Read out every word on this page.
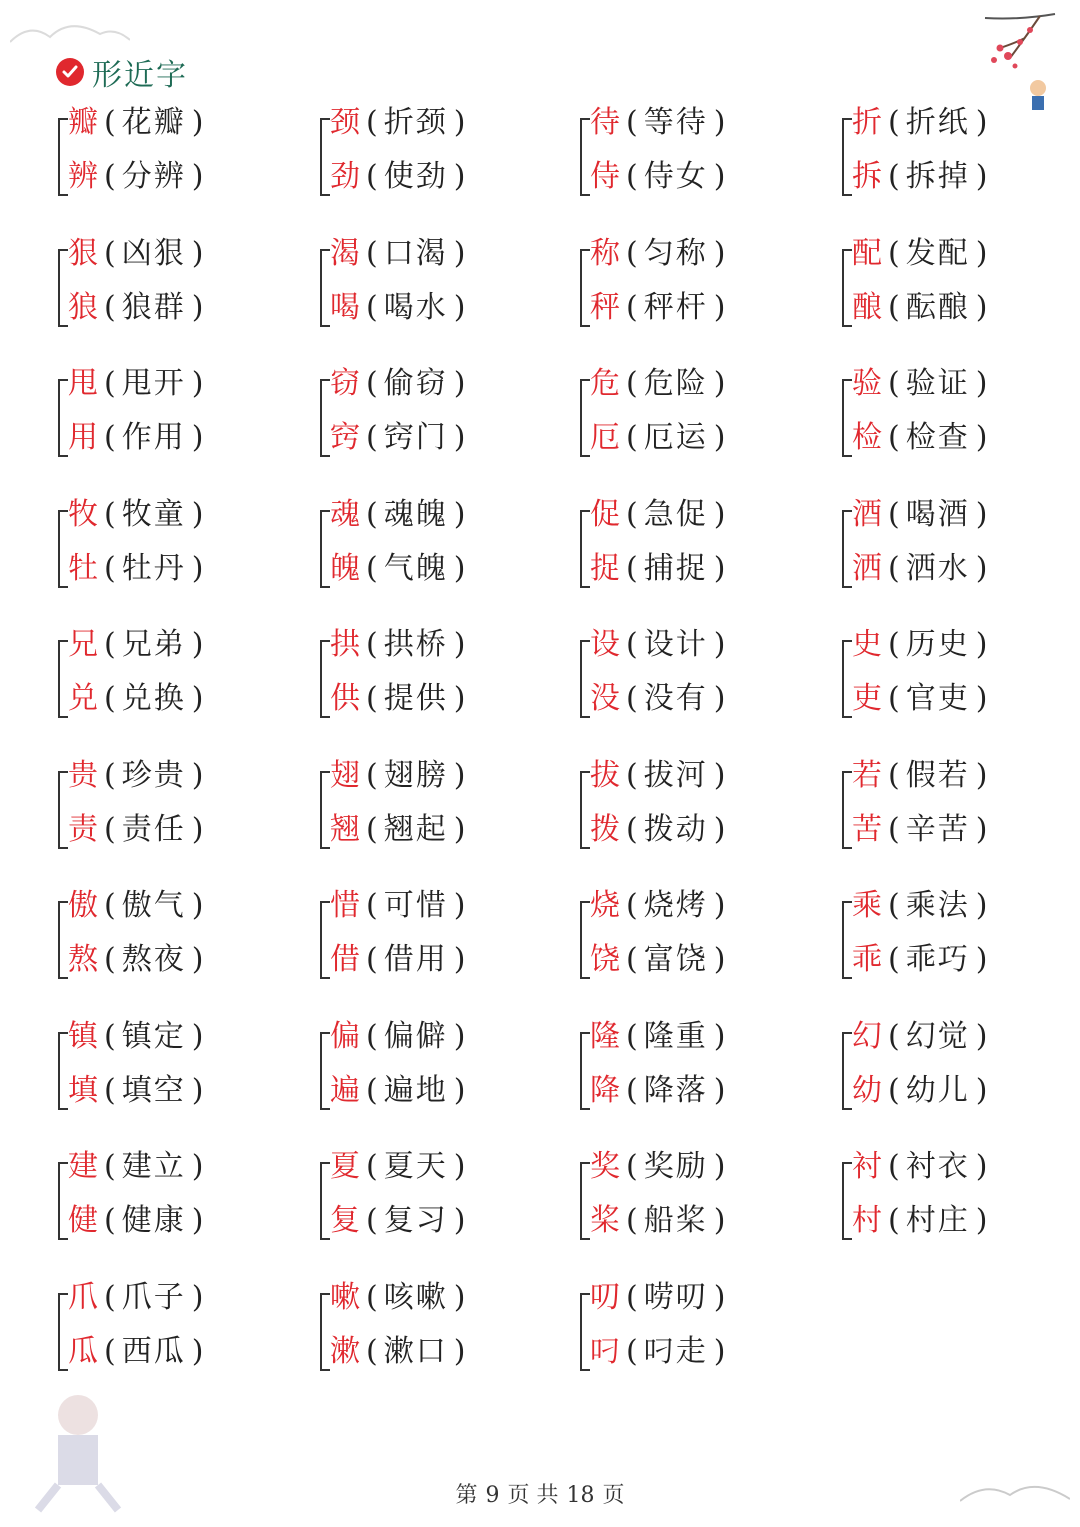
形近字
瓣 ( 花瓣 )
辨 ( 分辨 )
颈 ( 折颈 )
劲 ( 使劲 )
待 ( 等待 )
侍 ( 侍女 )
折 ( 折纸 )
拆 ( 拆掉 )
狠 ( 凶狠 )
狼 ( 狼群 )
渴 ( 口渴 )
喝 ( 喝水 )
称 ( 匀称 )
秤 ( 秤杆 )
配 ( 发配 )
酿 ( 酝酿 )
甩 ( 甩开 )
用 ( 作用 )
窃 ( 偷窃 )
窍 ( 窍门 )
危 ( 危险 )
厄 ( 厄运 )
验 ( 验证 )
检 ( 检查 )
牧 ( 牧童 )
牡 ( 牡丹 )
魂 ( 魂魄 )
魄 ( 气魄 )
促 ( 急促 )
捉 ( 捕捉 )
酒 ( 喝酒 )
洒 ( 洒水 )
兄 ( 兄弟 )
兑 ( 兑换 )
拱 ( 拱桥 )
供 ( 提供 )
设 ( 设计 )
没 ( 没有 )
史 ( 历史 )
吏 ( 官吏 )
贵 ( 珍贵 )
责 ( 责任 )
翅 ( 翅膀 )
翘 ( 翘起 )
拔 ( 拔河 )
拨 ( 拨动 )
若 ( 假若 )
苦 ( 辛苦 )
傲 ( 傲气 )
熬 ( 熬夜 )
惜 ( 可惜 )
借 ( 借用 )
烧 ( 烧烤 )
饶 ( 富饶 )
乘 ( 乘法 )
乖 ( 乖巧 )
镇 ( 镇定 )
填 ( 填空 )
偏 ( 偏僻 )
遍 ( 遍地 )
隆 ( 隆重 )
降 ( 降落 )
幻 ( 幻觉 )
幼 ( 幼儿 )
建 ( 建立 )
健 ( 健康 )
夏 ( 夏天 )
复 ( 复习 )
奖 ( 奖励 )
桨 ( 船桨 )
衬 ( 衬衣 )
村 ( 村庄 )
爪 ( 爪子 )
瓜 ( 西瓜 )
嗽 ( 咳嗽 )
漱 ( 漱口 )
叨 ( 唠叨 )
叼 ( 叼走 )
第 9 页 共 18 页
